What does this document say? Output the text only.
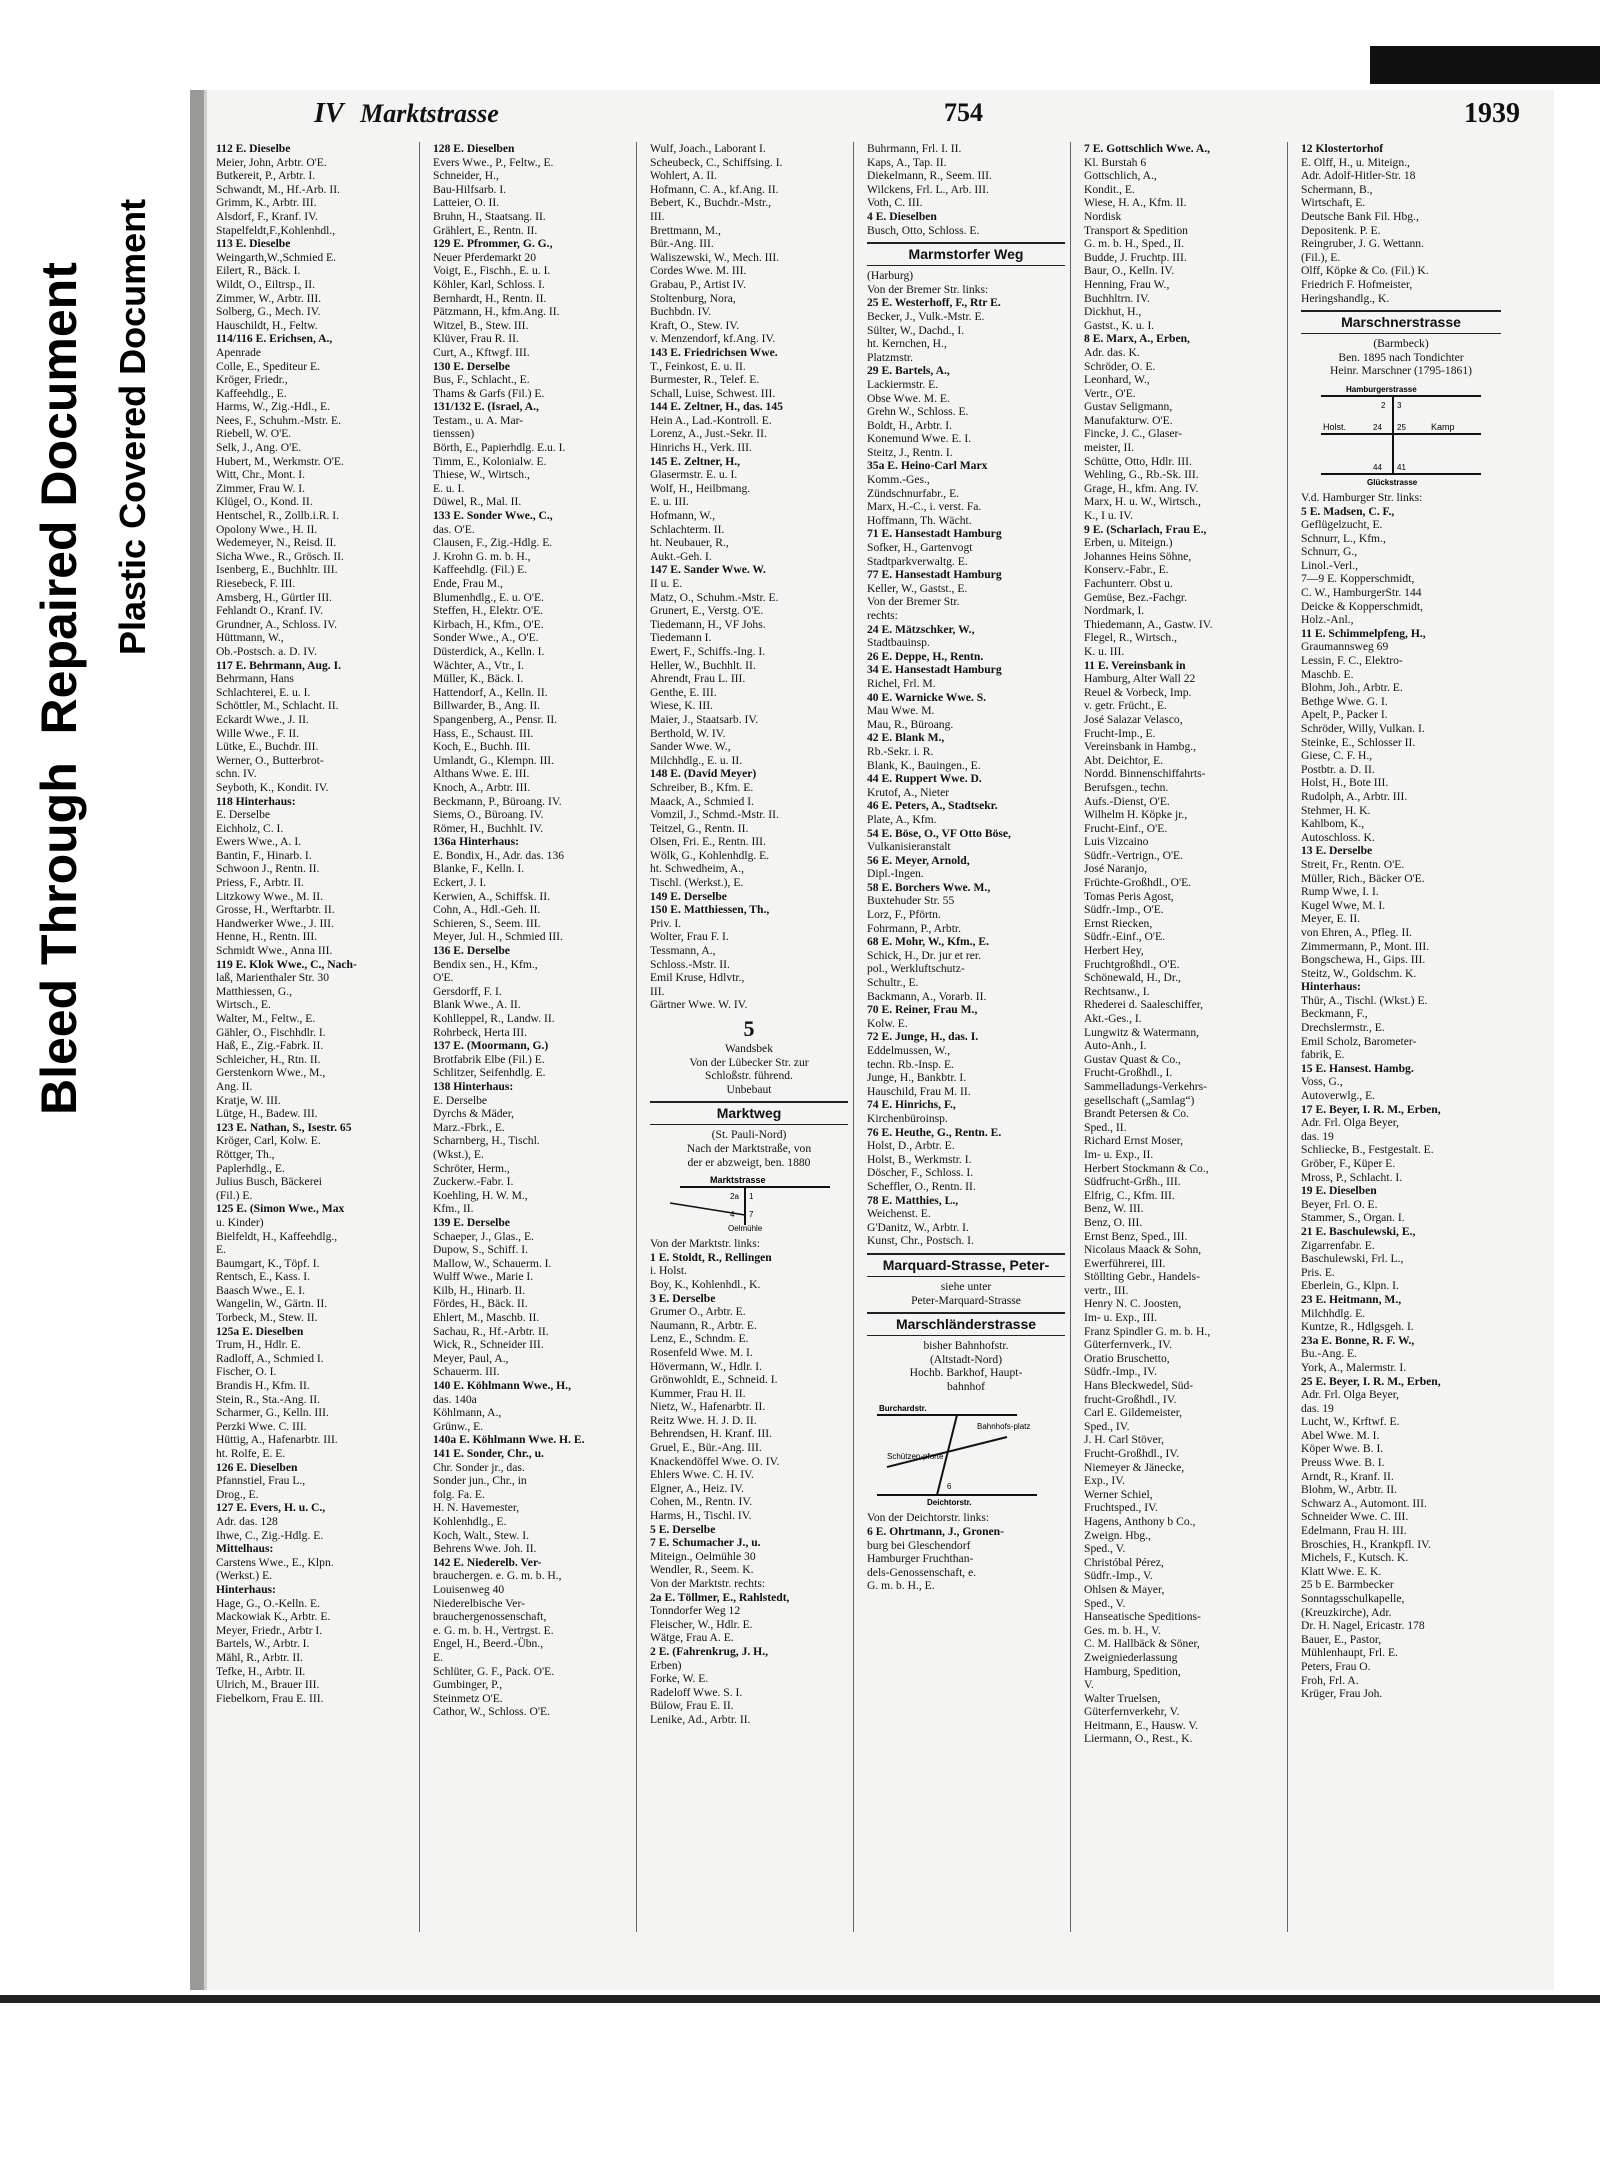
Bleed Through  Repaired Document Plastic Covered Document
IV Marktstrasse	754	1939
112 E. Dieselbe
Meier, John, Arbtr. O'E.
Butkereit, P., Arbtr. I.
Schwandt, M., Hf.-Arb. II.
Grimm, K., Arbtr. III.
Alsdorf, F., Kranf. IV.
Stapelfeldt,F.,Kohlenhdl.,
113 E. Dieselbe
Weingarth,W.,Schmied E.
Eilert, R., Bäck. I.
Wildt, O., Eiltrsp., II.
Zimmer, W., Arbtr. III.
Solberg, G., Mech. IV.
Hauschildt, H., Feltw.
114/116 E. Erichsen, A.,
Apenrade
Colle, E., Spediteur E.
Kröger, Friedr.,
Kaffeehdlg., E.
Harms, W., Zig.-Hdl., E.
Nees, F., Schuhm.-Mstr. E.
Riebell, W. O'E.
Selk, J., Ang. O'E.
Hubert, M., Werkmstr. O'E.
Witt, Chr., Mont. I.
Zimmer, Frau W. I.
Klügel, O., Kond. II.
Hentschel, R., Zollb.i.R. I.
Opolony Wwe., H. II.
Wedemeyer, N., Reisd. II.
Sicha Wwe., R., Grösch. II.
Isenberg, E., Buchhltr. III.
Riesebeck, F. III.
Amsberg, H., Gürtler III.
Fehlandt O., Kranf. IV.
Grundner, A., Schloss. IV.
Hüttmann, W.,
Ob.-Postsch. a. D. IV.
117 E. Behrmann, Aug. I.
Behrmann, Hans
Schlachterei, E. u. I.
Schöttler, M., Schlacht. II.
Eckardt Wwe., J. II.
Wille Wwe., F. II.
Lütke, E., Buchdr. III.
Werner, O., Butterbrot-
schn. IV.
Seyboth, K., Kondit. IV.
118 Hinterhaus:
E. Derselbe
Eichholz, C. I.
Ewers Wwe., A. I.
Bantin, F., Hinarb. I.
Schwoon J., Rentn. II.
Priess, F., Arbtr. II.
Litzkowy Wwe., M. II.
Grosse, H., Werftarbtr. II.
Handwerker Wwe., J. III.
Henne, H., Rentn. III.
Schmidt Wwe., Anna III.
119 E. Klok Wwe., C., Nach-
laß, Marienthaler Str. 30
Matthiessen, G.,
Wirtsch., E.
Walter, M., Feltw., E.
Gähler, O., Fischhdlr. I.
Haß, E., Zig.-Fabrk. II.
Schleicher, H., Rtn. II.
Gerstenkorn Wwe., M.,
Ang. II.
Kratje, W. III.
Lütge, H., Badew. III.
123 E. Nathan, S., Isestr. 65
Kröger, Carl, Kolw. E.
Röttger, Th.,
Paplerhdlg., E.
Julius Busch, Bäckerei
(Fil.) E.
125 E. (Simon Wwe., Max
u. Kinder)
Bielfeldt, H., Kaffeehdlg.,
E.
Baumgart, K., Töpf. I.
Rentsch, E., Kass. I.
Baasch Wwe., E. I.
Wangelin, W., Gärtn. II.
Torbeck, M., Stew. II.
125a E. Dieselben
Trum, H., Hdlr. E.
Radloff, A., Schmied I.
Fischer, O. I.
Brandis H., Kfm. II.
Stein, R., Sta.-Ang. II.
Scharmer, G., Kelln. III.
Perzki Wwe. C. III.
Hüttig, A., Hafenarbtr. III.
ht. Rolfe, E. E.
126 E. Dieselben
Pfannstiel, Frau L.,
Drog., E.
127 E. Evers, H. u. C.,
Adr. das. 128
Ihwe, C., Zig.-Hdlg. E.
Mittelhaus:
Carstens Wwe., E., Klpn.
(Werkst.) E.
Hinterhaus:
Hage, G., O.-Kelln. E.
Mackowiak K., Arbtr. E.
Meyer, Friedr., Arbtr I.
Bartels, W., Arbtr. I.
Mähl, R., Arbtr. II.
Tefke, H., Arbtr. II.
Ulrich, M., Brauer III.
Fiebelkorn, Frau E. III.
128 E. Dieselben
Evers Wwe., P., Feltw., E.
Schneider, H.,
Bau-Hilfsarb. I.
Latteier, O. II.
Bruhn, H., Staatsang. II.
Grählert, E., Rentn. II.
129 E. Pfrommer, G. G.,
Neuer Pferdemarkt 20
Voigt, E., Fischh., E. u. I.
Köhler, Karl, Schloss. I.
Bernhardt, H., Rentn. II.
Pätzmann, H., kfm.Ang. II.
Witzel, B., Stew. III.
Klüver, Frau R. II.
Curt, A., Kftwgf. III.
130 E. Derselbe
Bus, F., Schlacht., E.
Thams & Garfs (Fil.) E.
131/132 E. (Israel, A.,
Testam., u. A. Mar-
tienssen)
Börth, E., Papierhdlg. E.u. I.
Timm, E., Kolonialw. E.
Thiese, W., Wirtsch.,
E. u. I.
Düwel, R., Mal. II.
133 E. Sonder Wwe., C.,
das. O'E.
Clausen, F., Zig.-Hdlg. E.
J. Krohn G. m. b. H.,
Kaffeehdlg. (Fil.) E.
Ende, Frau M.,
Blumenhdlg., E. u. O'E.
Steffen, H., Elektr. O'E.
Kirbach, H., Kfm., O'E.
Sonder Wwe., A., O'E.
Düsterdick, A., Kelln. I.
Wächter, A., Vtr., I.
Müller, K., Bäck. I.
Hattendorf, A., Kelln. II.
Billwarder, B., Ang. II.
Spangenberg, A., Pensr. II.
Hass, E., Schaust. III.
Koch, E., Buchh. III.
Umlandt, G., Klempn. III.
Althans Wwe. E. III.
Knoch, A., Arbtr. III.
Beckmann, P., Büroang. IV.
Siems, O., Büroang. IV.
Römer, H., Buchhlt. IV.
136a Hinterhaus:
E. Bondix, H., Adr. das. 136
Blanke, F., Kelln. I.
Eckert, J. I.
Kerwien, A., Schiffsk. II.
Cohn, A., Hdl.-Geh. II.
Schieren, S., Seem. III.
Meyer, Jul. H., Schmied III.
136 E. Derselbe
Bendix sen., H., Kfm.,
O'E.
Gersdorff, F. I.
Blank Wwe., A. II.
Kohlleppel, R., Landw. II.
Rohrbeck, Herta III.
137 E. (Moormann, G.)
Brotfabrik Elbe (Fil.) E.
Schlitzer, Seifenhdlg. E.
138 Hinterhaus:
E. Derselbe
Dyrchs & Mäder,
Marz.-Fbrk., E.
Scharnberg, H., Tischl.
(Wkst.), E.
Schröter, Herm.,
Zuckerw.-Fabr. I.
Koehling, H. W. M.,
Kfm., II.
139 E. Derselbe
Schaeper, J., Glas., E.
Dupow, S., Schiff. I.
Mallow, W., Schauerm. I.
Wulff Wwe., Marie I.
Kilb, H., Hinarb. II.
Fördes, H., Bäck. II.
Ehlert, M., Maschb. II.
Sachau, R., Hf.-Arbtr. II.
Wick, R., Schneider III.
Meyer, Paul, A.,
Schauerm. III.
140 E. Köhlmann Wwe., H.,
das. 140a
Köhlmann, A.,
Grünw., E.
140a E. Köhlmann Wwe. H. E.
141 E. Sonder, Chr., u.
Chr. Sonder jr., das.
Sonder jun., Chr., in
folg. Fa. E.
H. N. Havemester,
Kohlenhdlg., E.
Koch, Walt., Stew. I.
Behrens Wwe. Joh. II.
142 E. Niederelb. Ver-
brauchergen. e. G. m. b. H.,
Louisenweg 40
Niederelbische Ver-
brauchergenossenschaft,
e. G. m. b. H., Vertrgst. E.
Engel, H., Beerd.-Übn.,
E.
Schlüter, G. F., Pack. O'E.
Gumbinger, P.,
Steinmetz O'E.
Cathor, W., Schloss. O'E.
Wulf, Joach., Laborant I.
Scheubeck, C., Schiffsing. I.
Wohlert, A. II.
Hofmann, C. A., kf.Ang. II.
Bebert, K., Buchdr.-Mstr.,
III.
Brettmann, M.,
Bür.-Ang. III.
Waliszewski, W., Mech. III.
Cordes Wwe. M. III.
Grabau, P., Artist IV.
Stoltenburg, Nora,
Buchbdn. IV.
Kraft, O., Stew. IV.
v. Menzendorf, kf.Ang. IV.
143 E. Friedrichsen Wwe.
T., Feinkost, E. u. II.
Burmester, R., Telef. E.
Schall, Luise, Schwest. III.
144 E. Zeltner, H., das. 145
Hein A., Lad.-Kontroll. E.
Lorenz, A., Just.-Sekr. II.
Hinrichs H., Verk. III.
145 E. Zeltner, H.,
Glasermstr. E. u. I.
Wolf, H., Heilbmang.
E. u. III.
Hofmann, W.,
Schlachterm. II.
ht. Neubauer, R.,
Aukt.-Geh. I.
147 E. Sander Wwe. W.
II u. E.
Matz, O., Schuhm.-Mstr. E.
Grunert, E., Verstg. O'E.
Tiedemann, H., VF Johs.
Tiedemann I.
Ewert, F., Schiffs.-Ing. I.
Heller, W., Buchhlt. II.
Ahrendt, Frau L. III.
Genthe, E. III.
Wiese, K. III.
Maier, J., Staatsarb. IV.
Berthold, W. IV.
Sander Wwe. W.,
Milchhdlg., E. u. II.
148 E. (David Meyer)
Schreiber, B., Kfm. E.
Maack, A., Schmied I.
Vomzil, J., Schmd.-Mstr. II.
Teitzel, G., Rentn. II.
Olsen, Fri. E., Rentn. III.
Wölk, G., Kohlenhdlg. E.
ht. Schwedheim, A.,
Tischl. (Werkst.), E.
149 E. Derselbe
150 E. Matthiessen, Th.,
Priv. I.
Wolter, Frau F. I.
Tessmann, A.,
Schloss.-Mstr. II.
Emil Kruse, Hdlvtr.,
III.
Gärtner Wwe. W. IV.
5
Wandsbek
Von der Lübecker Str. zur
Schloßstr. führend.
Unbebaut
Marktweg
(St. Pauli-Nord)
Nach der Marktstraße, von
der er abzweigt, ben. 1880
Marktstrasse
2a 1
4 7
Oelmühle
Von der Marktstr. links:
1 E. Stoldt, R., Rellingen
i. Holst.
Boy, K., Kohlenhdl., K.
3 E. Derselbe
Grumer O., Arbtr. E.
Naumann, R., Arbtr. E.
Lenz, E., Schndm. E.
Rosenfeld Wwe. M. I.
Hövermann, W., Hdlr. I.
Grönwohldt, E., Schneid. I.
Kummer, Frau H. II.
Nietz, W., Hafenarbtr. II.
Reitz Wwe. H. J. D. II.
Behrendsen, H. Kranf. III.
Gruel, E., Bür.-Ang. III.
Knackendöffel Wwe. O. IV.
Ehlers Wwe. C. H. IV.
Elgner, A., Heiz. IV.
Cohen, M., Rentn. IV.
Harms, H., Tischl. IV.
5 E. Derselbe
7 E. Schumacher J., u.
Miteign., Oelmühle 30
Wendler, R., Seem. K.
Von der Marktstr. rechts:
2a E. Töllmer, E., Rahlstedt,
Tonndorfer Weg 12
Fleischer, W., Hdlr. E.
Wätge, Frau A. E.
2 E. (Fahrenkrug, J. H.,
Erben)
Forke, W. E.
Radeloff Wwe. S. I.
Bülow, Frau E. II.
Lenike, Ad., Arbtr. II.
Buhrmann, Frl. I. II.
Kaps, A., Tap. II.
Diekelmann, R., Seem. III.
Wilckens, Frl. L., Arb. III.
Voth, C. III.
4 E. Dieselben
Busch, Otto, Schloss. E.
Marmstorfer Weg
(Harburg)
Von der Bremer Str. links:
25 E. Westerhoff, F., Rtr E.
Becker, J., Vulk.-Mstr. E.
Sülter, W., Dachd., I.
ht. Kernchen, H.,
Platzmstr.
29 E. Bartels, A.,
Lackiermstr. E.
Obse Wwe. M. E.
Grehn W., Schloss. E.
Boldt, H., Arbtr. I.
Konemund Wwe. E. I.
Steitz, J., Rentn. I.
35a E. Heino-Carl Marx
Komm.-Ges.,
Zündschnurfabr., E.
Marx, H.-C., i. verst. Fa.
Hoffmann, Th. Wächt.
71 E. Hansestadt Hamburg
Sofker, H., Gartenvogt
Stadtparkverwaltg. E.
77 E. Hansestadt Hamburg
Keller, W., Gastst., E.
Von der Bremer Str.
rechts:
24 E. Mätzschker, W.,
Stadtbauinsp.
26 E. Deppe, H., Rentn.
34 E. Hansestadt Hamburg
Richel, Frl. M.
40 E. Warnicke Wwe. S.
Mau Wwe. M.
Mau, R., Büroang.
42 E. Blank M.,
Rb.-Sekr. i. R.
Blank, K., Bauingen., E.
44 E. Ruppert Wwe. D.
Krutof, A., Nieter
46 E. Peters, A., Stadtsekr.
Plate, A., Kfm.
54 E. Böse, O., VF Otto Böse,
Vulkanisieranstalt
56 E. Meyer, Arnold,
Dipl.-Ingen.
58 E. Borchers Wwe. M.,
Buxtehuder Str. 55
Lorz, F., Pförtn.
Fohrmann, P., Arbtr.
68 E. Mohr, W., Kfm., E.
Schick, H., Dr. jur et rer.
pol., Werkluftschutz-
Schultr., E.
Backmann, A., Vorarb. II.
70 E. Reiner, Frau M.,
Kolw. E.
72 E. Junge, H., das. I.
Eddelmussen, W.,
techn. Rb.-Insp. E.
Junge, H., Bankbtr. I.
Hauschild, Frau M. II.
74 E. Hinrichs, F.,
Kirchenbüroinsp.
76 E. Heuthe, G., Rentn. E.
Holst, D., Arbtr. E.
Holst, B., Werkmstr. I.
Döscher, F., Schloss. I.
Scheffler, O., Rentn. II.
78 E. Matthies, L.,
Weichenst. E.
G'Danitz, W., Arbtr. I.
Kunst, Chr., Postsch. I.
Marquard-Strasse, Peter-
siehe unter
Peter-Marquard-Strasse
Marschländerstrasse
bisher Bahnhofstr.
(Altstadt-Nord)
Hochb. Barkhof, Haupt-
bahnhof
Burchardstr.
Bahnhofs-platz
Schützen-pforte
6
Deichtorstr.
Von der Deichtorstr. links:
6 E. Ohrtmann, J., Gronen-
burg bei Gleschendorf
Hamburger Fruchthan-
dels-Genossenschaft, e.
G. m. b. H., E.
7 E. Gottschlich Wwe. A.,
Kl. Burstah 6
Gottschlich, A.,
Kondit., E.
Wiese, H. A., Kfm. II.
Nordisk
Transport & Spedition
G. m. b. H., Sped., II.
Budde, J. Fruchtp. III.
Baur, O., Kelln. IV.
Henning, Frau W.,
Buchhltrn. IV.
Dickhut, H.,
Gastst., K. u. I.
8 E. Marx, A., Erben,
Adr. das. K.
Schröder, O. E.
Leonhard, W.,
Vertr., O'E.
Gustav Seligmann,
Manufakturw. O'E.
Fincke, J. C., Glaser-
meister, II.
Schütte, Otto, Hdlr. III.
Wehling, G., Rb.-Sk. III.
Grage, H., kfm. Ang. IV.
Marx, H. u. W., Wirtsch.,
K., I u. IV.
9 E. (Scharlach, Frau E.,
Erben, u. Miteign.)
Johannes Heins Söhne,
Konserv.-Fabr., E.
Fachunterr. Obst u.
Gemüse, Bez.-Fachgr.
Nordmark, I.
Thiedemann, A., Gastw. IV.
Flegel, R., Wirtsch.,
K. u. III.
11 E. Vereinsbank in
Hamburg, Alter Wall 22
Reuel & Vorbeck, Imp.
v. getr. Frücht., E.
José Salazar Velasco,
Frucht-Imp., E.
Vereinsbank in Hambg.,
Abt. Deichtor, E.
Nordd. Binnenschiffahrts-
Berufsgen., techn.
Aufs.-Dienst, O'E.
Wilhelm H. Köpke jr.,
Frucht-Einf., O'E.
Luis Vizcaino
Südfr.-Vertrign., O'E.
José Naranjo,
Früchte-Großhdl., O'E.
Tomas Peris Agost,
Südfr.-Imp., O'E.
Ernst Riecken,
Südfr.-Einf., O'E.
Herbert Hey,
Fruchtgroßhdl., O'E.
Schönewald, H., Dr.,
Rechtsanw., I.
Rhederei d. Saaleschiffer,
Akt.-Ges., I.
Lungwitz & Watermann,
Auto-Anh., I.
Gustav Quast & Co.,
Frucht-Großhdl., I.
Sammelladungs-Verkehrs-
gesellschaft („Samlag“)
Brandt Petersen & Co.
Sped., II.
Richard Ernst Moser,
Im- u. Exp., II.
Herbert Stockmann & Co.,
Südfrucht-Grßh., III.
Elfrig, C., Kfm. III.
Benz, W. III.
Benz, O. III.
Ernst Benz, Sped., III.
Nicolaus Maack & Sohn,
Ewerführerei, III.
Stöllting Gebr., Handels-
vertr., III.
Henry N. C. Joosten,
Im- u. Exp., III.
Franz Spindler G. m. b. H.,
Güterfernverk., IV.
Oratio Bruschetto,
Südfr.-Imp., IV.
Hans Bleckwedel, Süd-
frucht-Großhdl., IV.
Carl E. Gildemeister,
Sped., IV.
J. H. Carl Stöver,
Frucht-Großhdl., IV.
Niemeyer & Jänecke,
Exp., IV.
Werner Schiel,
Fruchtsped., IV.
Hagens, Anthony b Co.,
Zweign. Hbg.,
Sped., V.
Christóbal Pérez,
Südfr.-Imp., V.
Ohlsen & Mayer,
Sped., V.
Hanseatische Speditions-
Ges. m. b. H., V.
C. M. Hallbäck & Söner,
Zweigniederlassung
Hamburg, Spedition,
V.
Walter Truelsen,
Güterfernverkehr, V.
Heitmann, E., Hausw. V.
Liermann, O., Rest., K.
12 Klostertorhof
E. Olff, H., u. Miteign.,
Adr. Adolf-Hitler-Str. 18
Schermann, B.,
Wirtschaft, E.
Deutsche Bank Fil. Hbg.,
Depositenk. P. E.
Reingruber, J. G. Wettann.
(Fil.), E.
Olff, Köpke & Co. (Fil.) K.
Friedrich F. Hofmeister,
Heringshandlg., K.
Marschnerstrasse
(Barmbeck)
Ben. 1895 nach Tondichter
Heinr. Marschner (1795-1861)
Hamburgerstrasse
2 3
Holst.	24 25	Kamp
44 41
Glückstrasse
V.d. Hamburger Str. links:
5 E. Madsen, C. F.,
Geflügelzucht, E.
Schnurr, L., Kfm.,
Schnurr, G.,
Linol.-Verl.,
7—9 E. Kopperschmidt,
C. W., HamburgerStr. 144
Deicke & Kopperschmidt,
Holz.-Anl.,
11 E. Schimmelpfeng, H.,
Graumannsweg 69
Lessin, F. C., Elektro-
Maschb. E.
Blohm, Joh., Arbtr. E.
Bethge Wwe. G. I.
Apelt, P., Packer I.
Schröder, Willy, Vulkan. I.
Steinke, E., Schlosser II.
Giese, C. F. H.,
Postbtr. a. D. II.
Holst, H., Bote III.
Rudolph, A., Arbtr. III.
Stehmer, H. K.
Kahlbom, K.,
Autoschloss. K.
13 E. Derselbe
Streit, Fr., Rentn. O'E.
Müller, Rich., Bäcker O'E.
Rump Wwe, I. I.
Kugel Wwe, M. I.
Meyer, E. II.
von Ehren, A., Pfleg. II.
Zimmermann, P., Mont. III.
Bongschewa, H., Gips. III.
Steitz, W., Goldschm. K.
Hinterhaus:
Thür, A., Tischl. (Wkst.) E.
Beckmann, F.,
Drechslermstr., E.
Emil Scholz, Barometer-
fabrik, E.
15 E. Hansest. Hambg.
Voss, G.,
Autoverwlg., E.
17 E. Beyer, I. R. M., Erben,
Adr. Frl. Olga Beyer,
das. 19
Schliecke, B., Festgestalt. E.
Gröber, F., Küper E.
Mross, P., Schlacht. I.
19 E. Dieselben
Beyer, Frl. O. E.
Stammer, S., Organ. I.
21 E. Baschulewski, E.,
Zigarrenfabr. E.
Baschulewski, Frl. L.,
Pris. E.
Eberlein, G., Klpn. I.
23 E. Heitmann, M.,
Milchhdlg. E.
Kuntze, R., Hdlgsgeh. I.
23a E. Bonne, R. F. W.,
Bu.-Ang. E.
York, A., Malermstr. I.
25 E. Beyer, I. R. M., Erben,
Adr. Frl. Olga Beyer,
das. 19
Lucht, W., Krftwf. E.
Abel Wwe. M. I.
Köper Wwe. B. I.
Preuss Wwe. B. I.
Arndt, R., Kranf. II.
Blohm, W., Arbtr. II.
Schwarz A., Automont. III.
Schneider Wwe. C. III.
Edelmann, Frau H. III.
Broschies, H., Krankpfl. IV.
Michels, F., Kutsch. K.
Klatt Wwe. E. K.
25 b E. Barmbecker
Sonntagsschulkapelle,
(Kreuzkirche), Adr.
Dr. H. Nagel, Ericastr. 178
Bauer, E., Pastor,
Mühlenhaupt, Frl. E.
Peters, Frau O.
Froh, Frl. A.
Krüger, Frau Joh.
